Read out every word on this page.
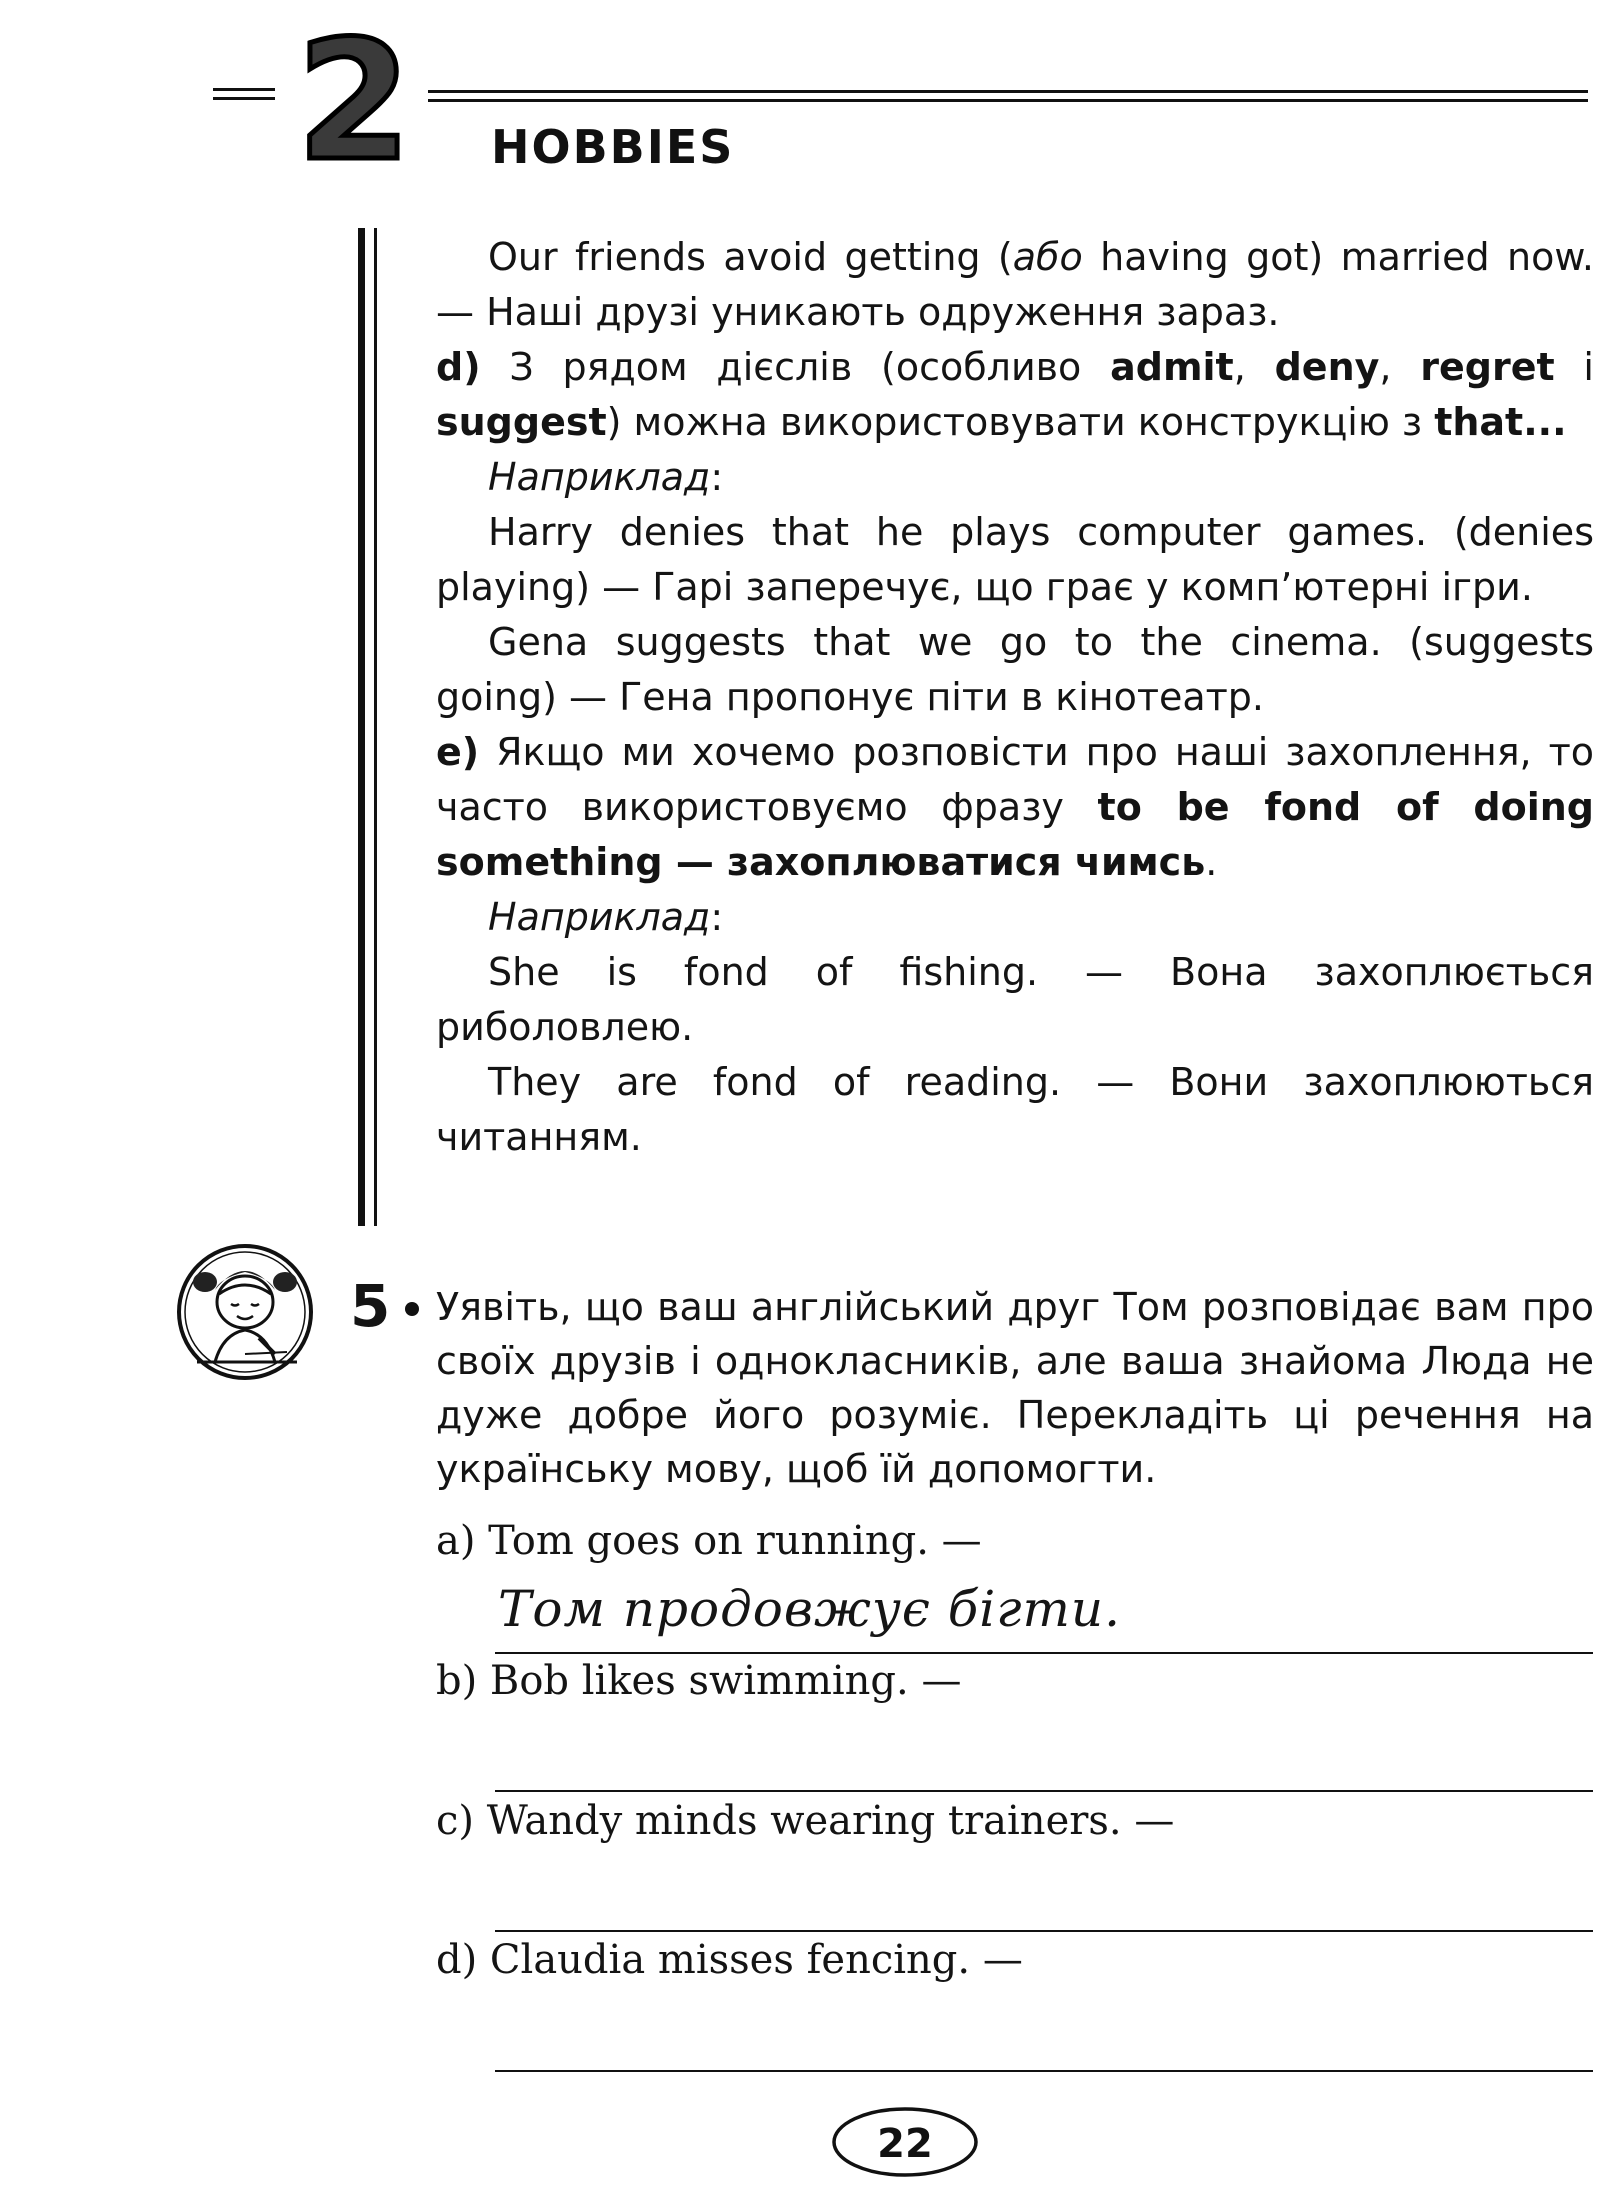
2 HOBBIES

Our friends avoid getting (або having got) married now. — Наші друзі уникають одруження зараз.

d) З рядом дієслів (особливо admit, deny, regret і suggest) можна використовувати конструкцію з that...

Наприклад:

Harry denies that he plays computer games. (denies playing) — Гарі заперечує, що грає у комп’ютерні ігри.

Gena suggests that we go to the cinema. (suggests going) — Гена пропонує піти в кінотеатр.

e) Якщо ми хочемо розповісти про наші захоплення, то часто використовуємо фразу to be fond of doing something — захоплюватися чимсь.

Наприклад:

She is fond of fishing. — Вона захоплюється риболовлею.

They are fond of reading. — Вони захоплюються читанням.

5 Уявіть, що ваш англійський друг Том розповідає вам про своїх друзів і однокласників, але ваша знайома Люда не дуже добре його розуміє. Перекладіть ці речення на українську мову, щоб їй допомогти.
a) Tom goes on running. —
Том продовжує бігти.
b) Bob likes swimming. —
c) Wandy minds wearing trainers. —
d) Claudia misses fencing. —
22
